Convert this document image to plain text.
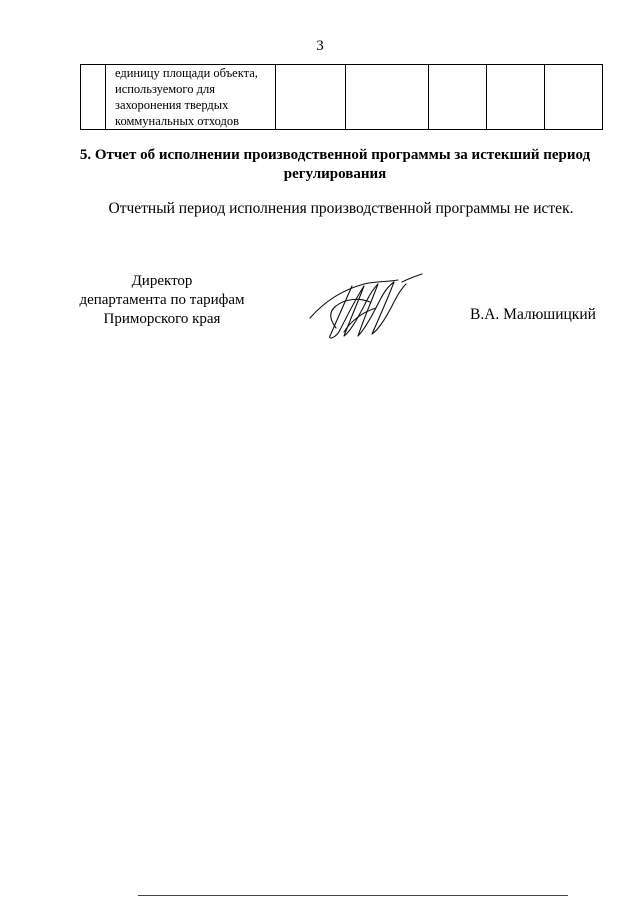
3

единицу площади объекта,
используемого для
захоронения твердых
коммунальных отходов

5. Отчет об исполнении производственной программы за истекший период
регулирования
Отчетный период исполнения производственной программы не истек.
Директор
департамента по тарифам
Приморского края	В.А. Малюшицкий
